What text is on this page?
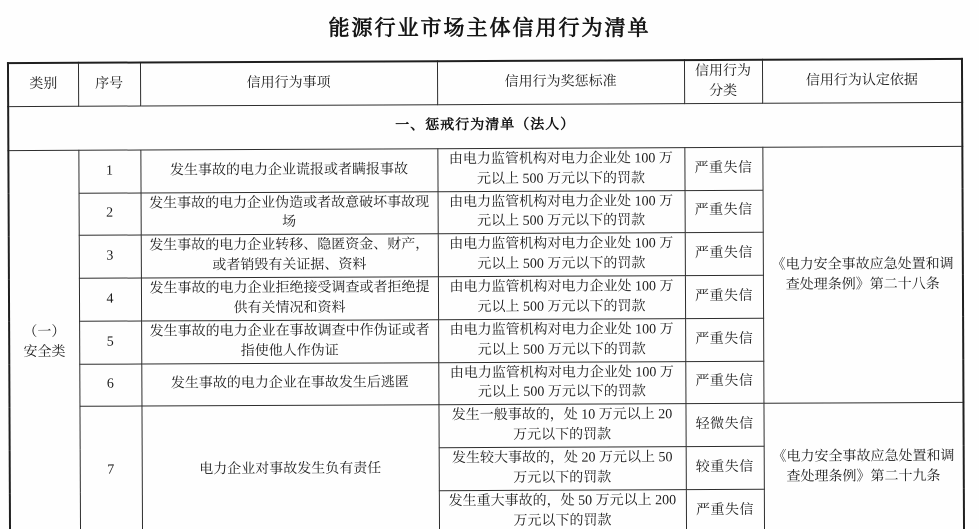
能源行业市场主体信用行为清单
类别	序号	信用行为事项	信用行为奖惩标准	信用行为分类	信用行为认定依据
一、惩戒行为清单（法人）					

（一）
安全类	1	发生事故的电力企业谎报或者瞒报事故	由电力监管机构对电力企业处 100 万元以上 500 万元以下的罚款	严重失信	《电力安全事故应急处置和调查处理条例》第二十八条
	2	发生事故的电力企业伪造或者故意破坏事故现场	由电力监管机构对电力企业处 100 万元以上 500 万元以下的罚款	严重失信	
	3	发生事故的电力企业转移、隐匿资金、财产，或者销毁有关证据、资料	由电力监管机构对电力企业处 100 万元以上 500 万元以下的罚款	严重失信	
	4	发生事故的电力企业拒绝接受调查或者拒绝提供有关情况和资料	由电力监管机构对电力企业处 100 万元以上 500 万元以下的罚款	严重失信	
	5	发生事故的电力企业在事故调查中作伪证或者指使他人作伪证	由电力监管机构对电力企业处 100 万元以上 500 万元以下的罚款	严重失信	
	6	发生事故的电力企业在事故发生后逃匿	由电力监管机构对电力企业处 100 万元以上 500 万元以下的罚款	严重失信	
	7	电力企业对事故发生负有责任	发生一般事故的，处 10 万元以上 20 万元以下的罚款	轻微失信	《电力安全事故应急处置和调查处理条例》第二十九条
			发生较大事故的，处 20 万元以上 50 万元以下的罚款	较重失信	
			发生重大事故的，处 50 万元以上 200 万元以下的罚款	严重失信	
